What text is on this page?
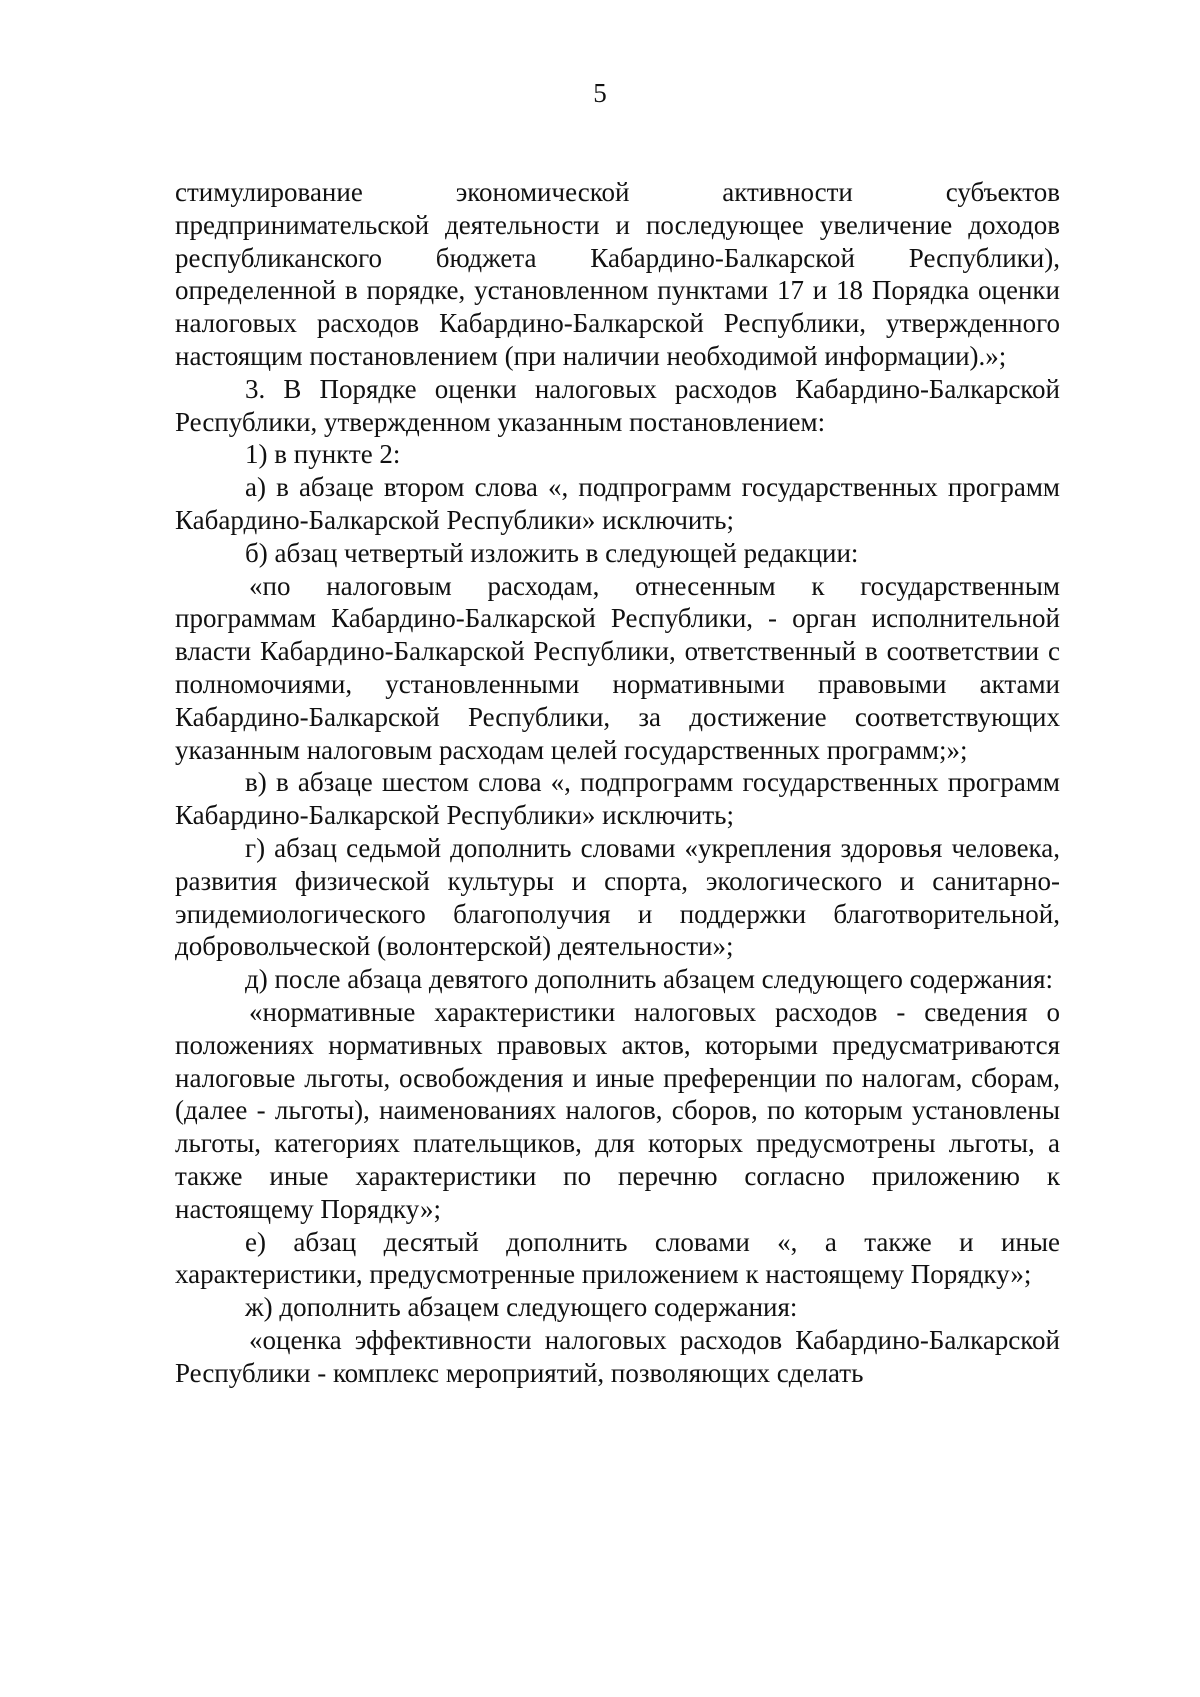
5

стимулирование экономической активности субъектов предпринимательской деятельности и последующее увеличение доходов республиканского бюджета Кабардино-Балкарской Республики), определенной в порядке, установленном пунктами 17 и 18 Порядка оценки налоговых расходов Кабардино-Балкарской Республики, утвержденного настоящим постановлением (при наличии необходимой информации).»;

3. В Порядке оценки налоговых расходов Кабардино-Балкарской Республики, утвержденном указанным постановлением:

1) в пункте 2:

а) в абзаце втором слова «, подпрограмм государственных программ Кабардино-Балкарской Республики» исключить;

б) абзац четвертый изложить в следующей редакции:

«по налоговым расходам, отнесенным к государственным программам Кабардино-Балкарской Республики, - орган исполнительной власти Кабардино-Балкарской Республики, ответственный в соответствии с полномочиями, установленными нормативными правовыми актами Кабардино-Балкарской Республики, за достижение соответствующих указанным налоговым расходам целей государственных программ;»;

в) в абзаце шестом слова «, подпрограмм государственных программ Кабардино-Балкарской Республики» исключить;

г) абзац седьмой дополнить словами «укрепления здоровья человека, развития физической культуры и спорта, экологического и санитарно-эпидемиологического благополучия и поддержки благотворительной, добровольческой (волонтерской) деятельности»;

д) после абзаца девятого дополнить абзацем следующего содержания:

«нормативные характеристики налоговых расходов - сведения о положениях нормативных правовых актов, которыми предусматриваются налоговые льготы, освобождения и иные преференции по налогам, сборам, (далее - льготы), наименованиях налогов, сборов, по которым установлены льготы, категориях плательщиков, для которых предусмотрены льготы, а также иные характеристики по перечню согласно приложению к настоящему Порядку»;

е) абзац десятый дополнить словами «, а также и иные характеристики, предусмотренные приложением к настоящему Порядку»;

ж) дополнить абзацем следующего содержания:

«оценка эффективности налоговых расходов Кабардино-Балкарской Республики - комплекс мероприятий, позволяющих сделать
